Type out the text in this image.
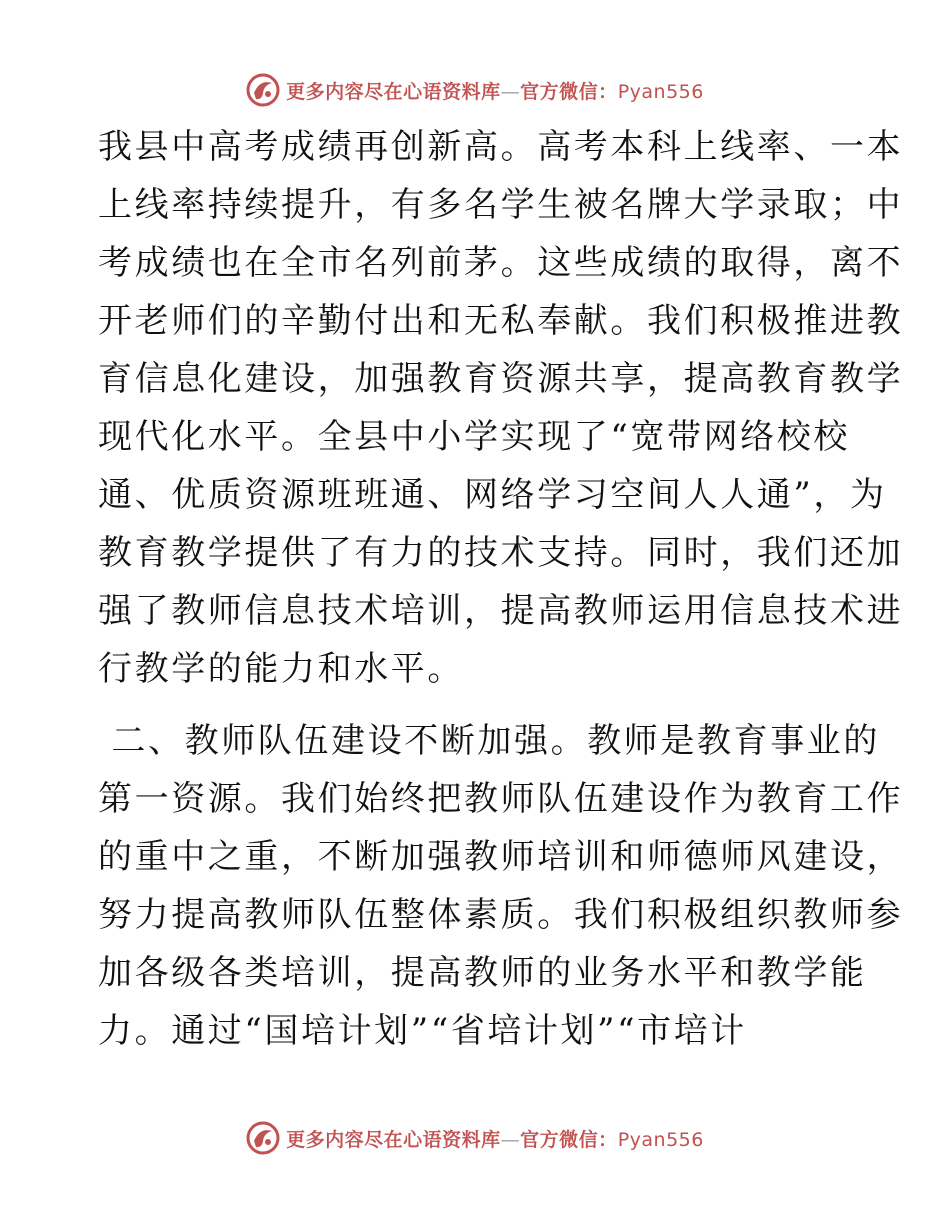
更多内容尽在心语资料库—官方微信：Pyan556
我县中高考成绩再创新高。高考本科上线率、一本
上线率持续提升，有多名学生被名牌大学录取；中
考成绩也在全市名列前茅。这些成绩的取得，离不
开老师们的辛勤付出和无私奉献。我们积极推进教
育信息化建设，加强教育资源共享，提高教育教学
现代化水平。全县中小学实现了“宽带网络校校
通、优质资源班班通、网络学习空间人人通”，为
教育教学提供了有力的技术支持。同时，我们还加
强了教师信息技术培训，提高教师运用信息技术进
行教学的能力和水平。
二、教师队伍建设不断加强。教师是教育事业的
第一资源。我们始终把教师队伍建设作为教育工作
的重中之重，不断加强教师培训和师德师风建设，
努力提高教师队伍整体素质。我们积极组织教师参
加各级各类培训，提高教师的业务水平和教学能
力。通过“国培计划”“省培计划”“市培计
更多内容尽在心语资料库—官方微信：Pyan556
